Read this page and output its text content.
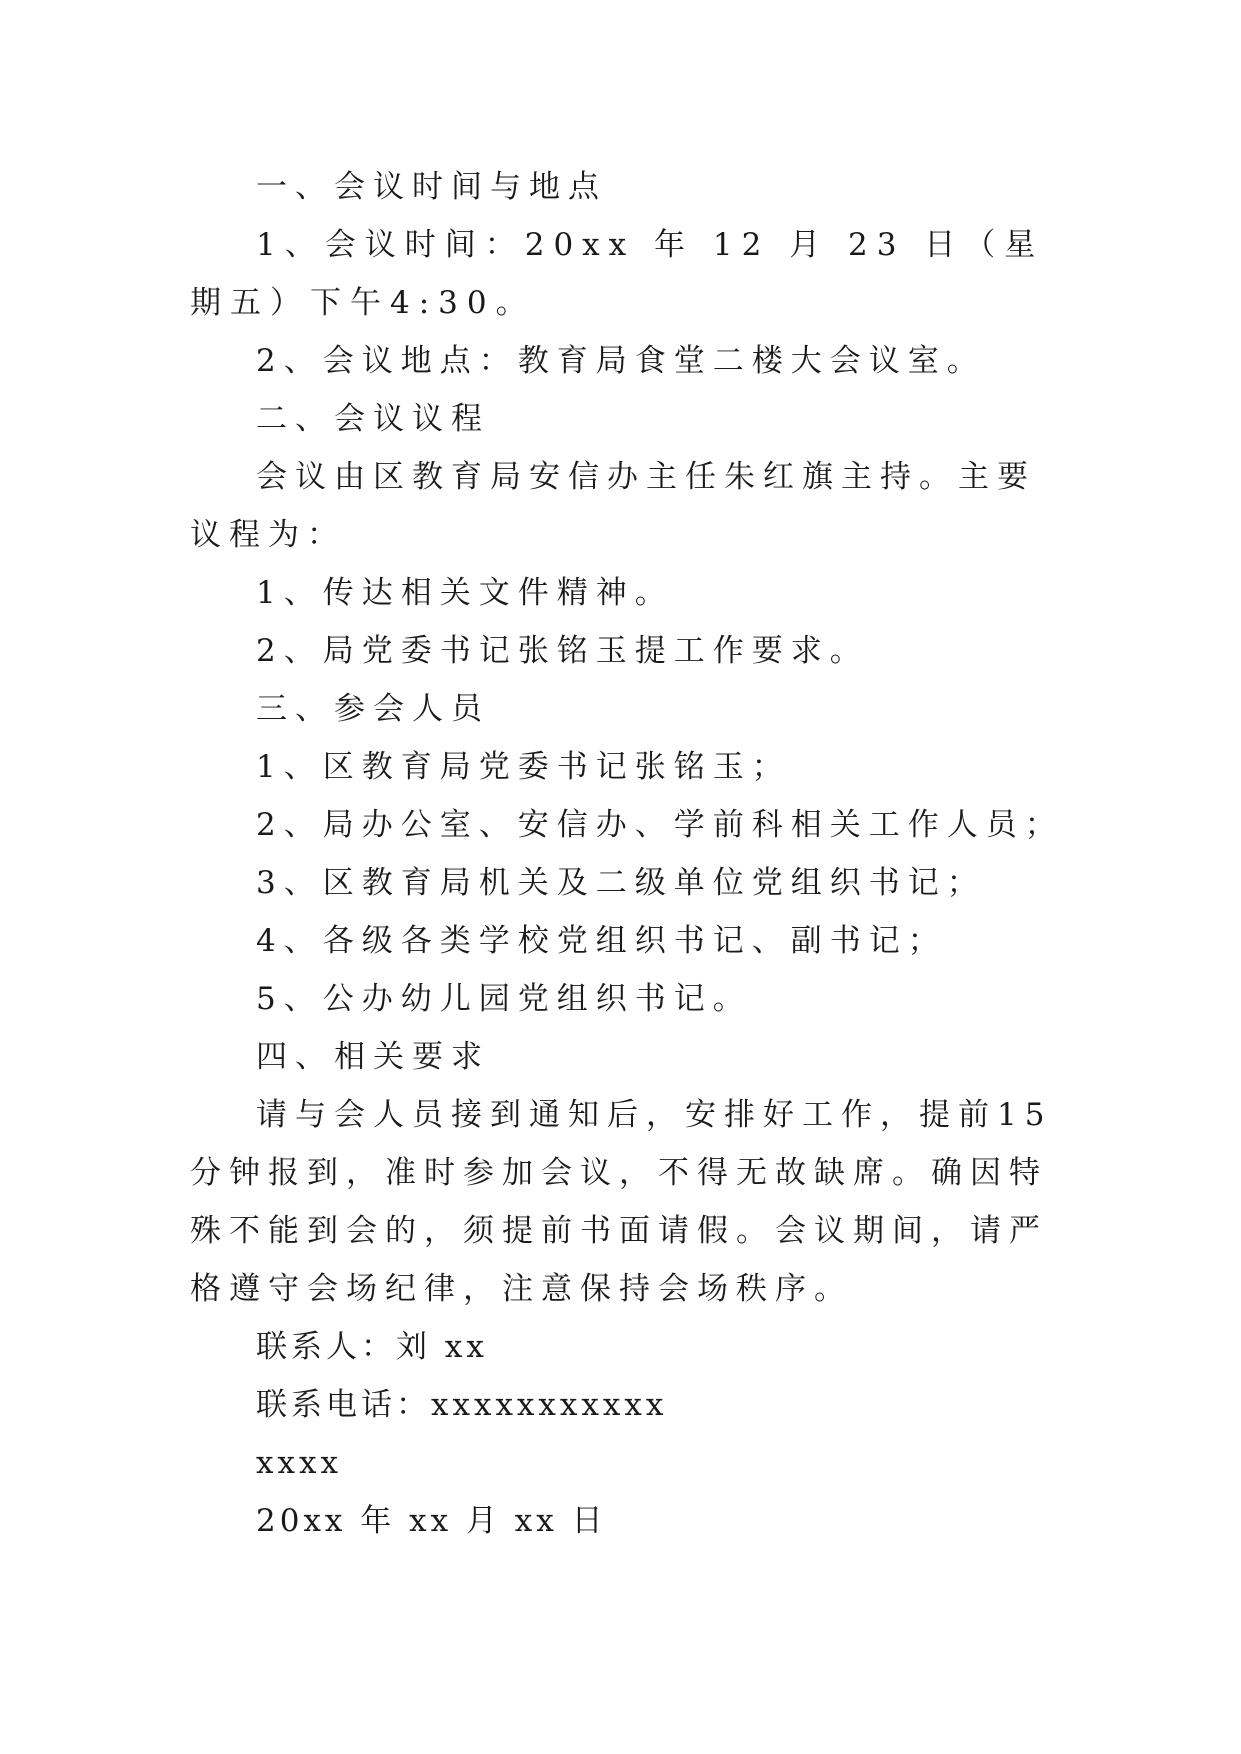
一、会议时间与地点

1、会议时间：20xx 年 12 月 23 日（星期五）下午4:30。

2、会议地点：教育局食堂二楼大会议室。

二、会议议程

会议由区教育局安信办主任朱红旗主持。主要议程为：

1、传达相关文件精神。

2、局党委书记张铭玉提工作要求。

三、参会人员

1、区教育局党委书记张铭玉；

2、局办公室、安信办、学前科相关工作人员；

3、区教育局机关及二级单位党组织书记；

4、各级各类学校党组织书记、副书记；

5、公办幼儿园党组织书记。

四、相关要求

请与会人员接到通知后，安排好工作，提前15分钟报到，准时参加会议，不得无故缺席。确因特殊不能到会的，须提前书面请假。会议期间，请严格遵守会场纪律，注意保持会场秩序。

联系人：刘 xx

联系电话：xxxxxxxxxxx

xxxx

20xx 年 xx 月 xx 日
